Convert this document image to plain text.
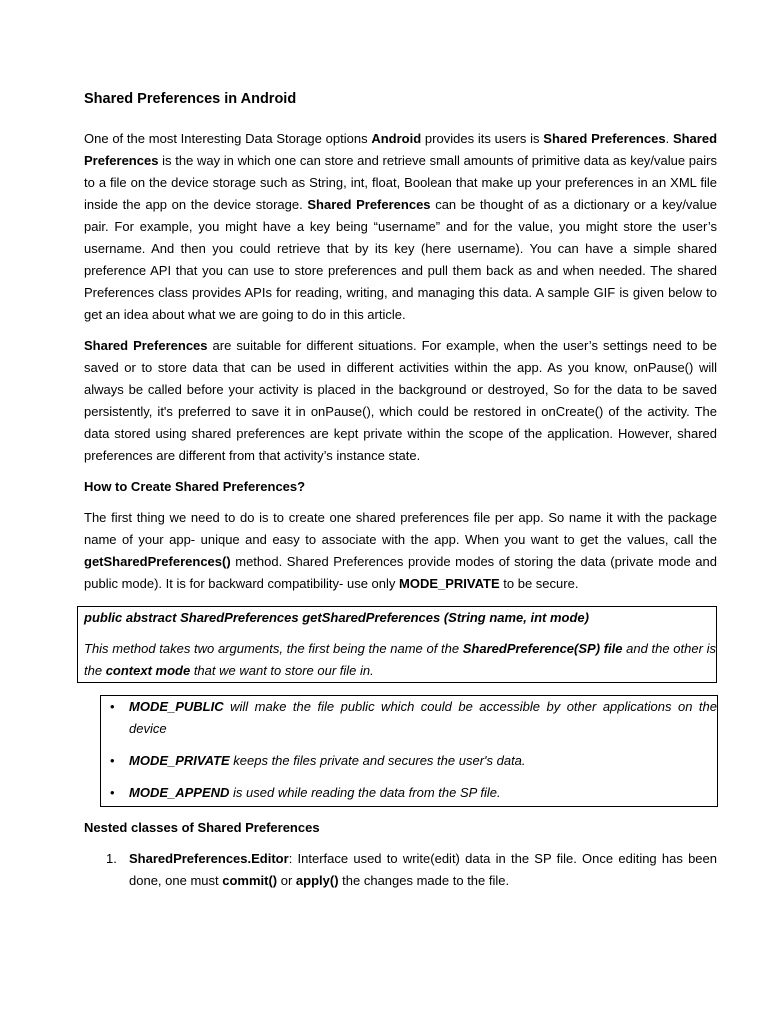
Shared Preferences in Android

One of the most Interesting Data Storage options Android provides its users is Shared Preferences. Shared Preferences is the way in which one can store and retrieve small amounts of primitive data as key/value pairs to a file on the device storage such as String, int, float, Boolean that make up your preferences in an XML file inside the app on the device storage. Shared Preferences can be thought of as a dictionary or a key/value pair. For example, you might have a key being “username” and for the value, you might store the user’s username. And then you could retrieve that by its key (here username). You can have a simple shared preference API that you can use to store preferences and pull them back as and when needed. The shared Preferences class provides APIs for reading, writing, and managing this data. A sample GIF is given below to get an idea about what we are going to do in this article.

Shared Preferences are suitable for different situations. For example, when the user’s settings need to be saved or to store data that can be used in different activities within the app. As you know, onPause() will always be called before your activity is placed in the background or destroyed, So for the data to be saved persistently, it's preferred to save it in onPause(), which could be restored in onCreate() of the activity. The data stored using shared preferences are kept private within the scope of the application. However, shared preferences are different from that activity’s instance state.

How to Create Shared Preferences?

The first thing we need to do is to create one shared preferences file per app. So name it with the package name of your app- unique and easy to associate with the app. When you want to get the values, call the getSharedPreferences() method. Shared Preferences provide modes of storing the data (private mode and public mode). It is for backward compatibility- use only MODE_PRIVATE to be secure.

public abstract SharedPreferences getSharedPreferences (String name, int mode)

This method takes two arguments, the first being the name of the SharedPreference(SP) file and the other is the context mode that we want to store our file in.

• MODE_PUBLIC will make the file public which could be accessible by other applications on the device
• MODE_PRIVATE keeps the files private and secures the user's data.
• MODE_APPEND is used while reading the data from the SP file.
Nested classes of Shared Preferences
1. SharedPreferences.Editor: Interface used to write(edit) data in the SP file. Once editing has been done, one must commit() or apply() the changes made to the file.
